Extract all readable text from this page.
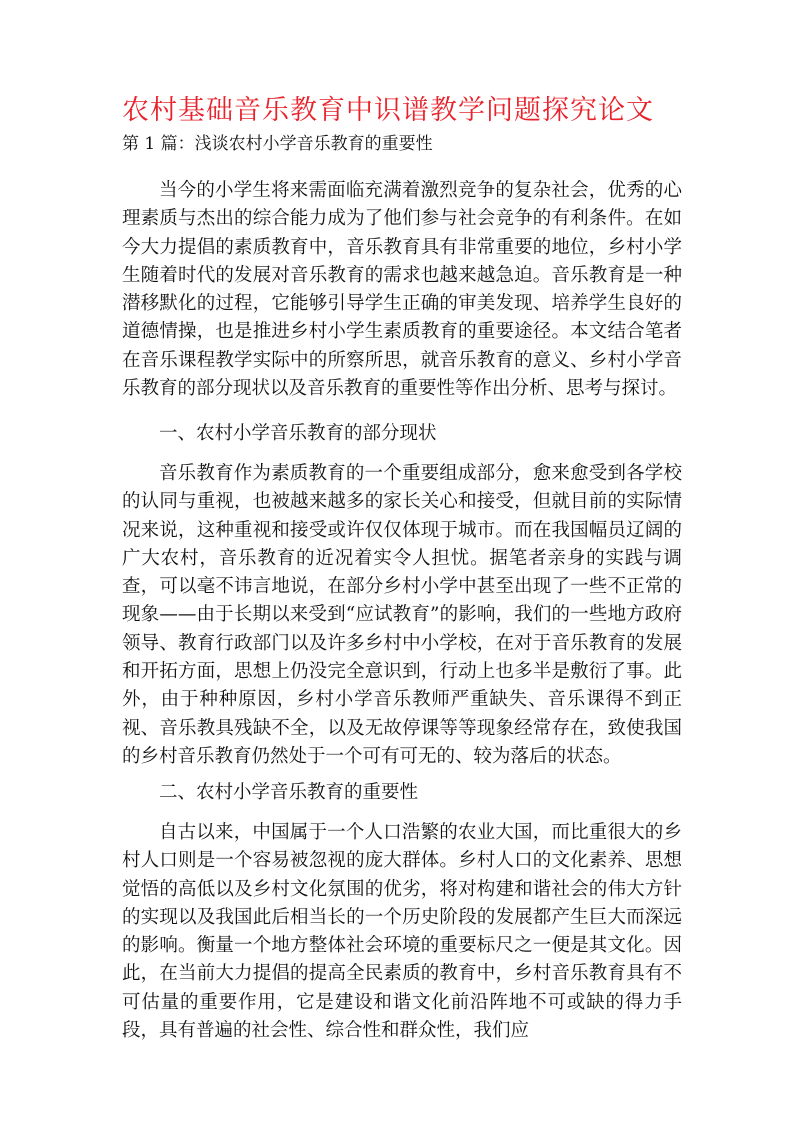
农村基础音乐教育中识谱教学问题探究论文
第 1 篇：浅谈农村小学音乐教育的重要性

当今的小学生将来需面临充满着激烈竞争的复杂社会，优秀的心理素质与杰出的综合能力成为了他们参与社会竞争的有利条件。在如今大力提倡的素质教育中，音乐教育具有非常重要的地位，乡村小学生随着时代的发展对音乐教育的需求也越来越急迫。音乐教育是一种潜移默化的过程，它能够引导学生正确的审美发现、培养学生良好的道德情操，也是推进乡村小学生素质教育的重要途径。本文结合笔者在音乐课程教学实际中的所察所思，就音乐教育的意义、乡村小学音乐教育的部分现状以及音乐教育的重要性等作出分析、思考与探讨。

一、农村小学音乐教育的部分现状

音乐教育作为素质教育的一个重要组成部分，愈来愈受到各学校的认同与重视，也被越来越多的家长关心和接受，但就目前的实际情况来说，这种重视和接受或许仅仅体现于城市。而在我国幅员辽阔的广大农村，音乐教育的近况着实令人担忧。据笔者亲身的实践与调查，可以毫不讳言地说，在部分乡村小学中甚至出现了一些不正常的现象——由于长期以来受到“应试教育”的影响，我们的一些地方政府领导、教育行政部门以及许多乡村中小学校，在对于音乐教育的发展和开拓方面，思想上仍没完全意识到，行动上也多半是敷衍了事。此外，由于种种原因，乡村小学音乐教师严重缺失、音乐课得不到正视、音乐教具残缺不全，以及无故停课等等现象经常存在，致使我国的乡村音乐教育仍然处于一个可有可无的、较为落后的状态。

二、农村小学音乐教育的重要性

自古以来，中国属于一个人口浩繁的农业大国，而比重很大的乡村人口则是一个容易被忽视的庞大群体。乡村人口的文化素养、思想觉悟的高低以及乡村文化氛围的优劣，将对构建和谐社会的伟大方针的实现以及我国此后相当长的一个历史阶段的发展都产生巨大而深远的影响。衡量一个地方整体社会环境的重要标尺之一便是其文化。因此，在当前大力提倡的提高全民素质的教育中，乡村音乐教育具有不可估量的重要作用，它是建设和谐文化前沿阵地不可或缺的得力手段，具有普遍的社会性、综合性和群众性，我们应
